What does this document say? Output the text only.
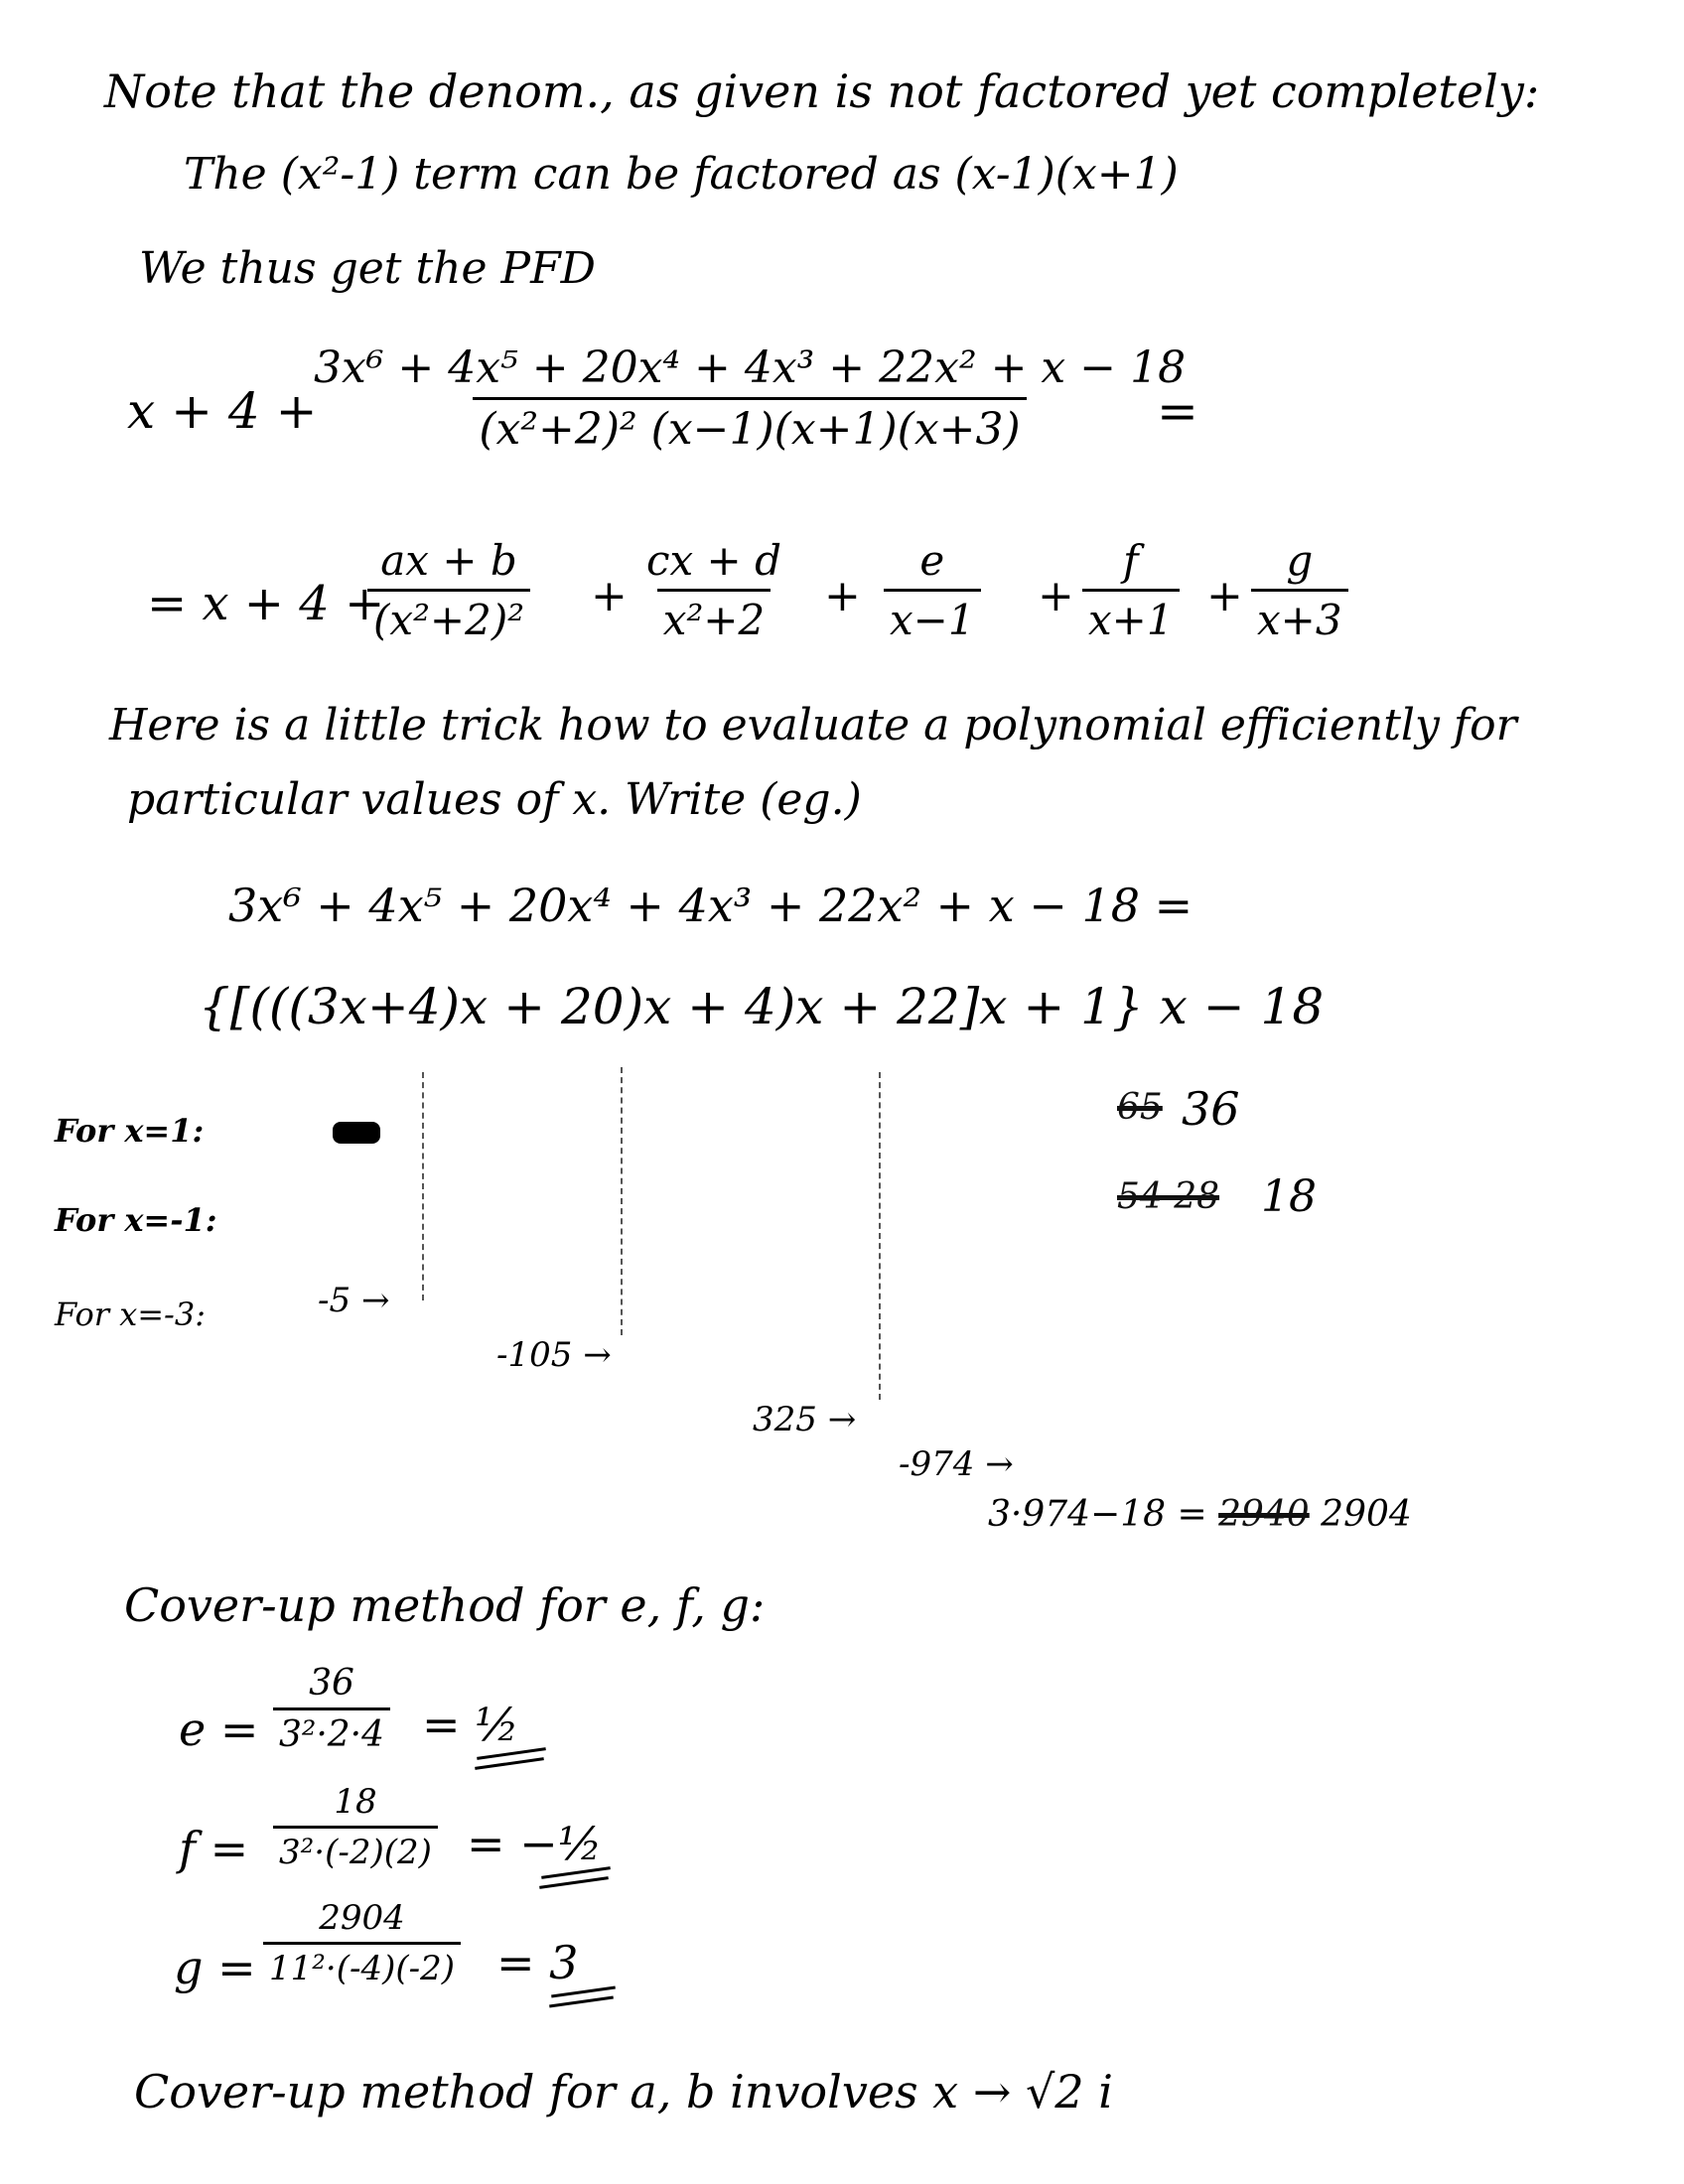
Note that the denom., as given is not factored yet completely:
The (x²-1) term can be factored as (x-1)(x+1)
We thus get the PFD
x + 4 +
$\frac{\text{3x⁶ + 4x⁵ + 20x⁴ + 4x³ + 22x² + x − 18}}{\text{(x²+2)² (x−1)(x+1)(x+3)}}$
=
= x + 4 +
ax + b
(x²+2)² +
cx + d
x²+2 +
e
x−1 +
f
x+1 +
g
x+3
Here is a little trick how to evaluate a polynomial efficiently for
particular values of x. Write (eg.)
3x⁶ + 4x⁵ + 20x⁴ + 4x³ + 22x² + x − 18 =
{[(((3x+4)x + 20)x + 4)x + 22]x + 1} x − 18
For x=1:
For x=-1:
For x=-3:
65 36
54 28 18
-5 →
-105 →
325 →
-974 →
3·974−18 = 2940 2904
Cover-up method for e, f, g:
e =
36
3²·2·4 = ½
f =
18
3²·(-2)(2) = −½
g =
2904
11²·(-4)(-2) = 3
Cover-up method for a, b involves x → √2 i
